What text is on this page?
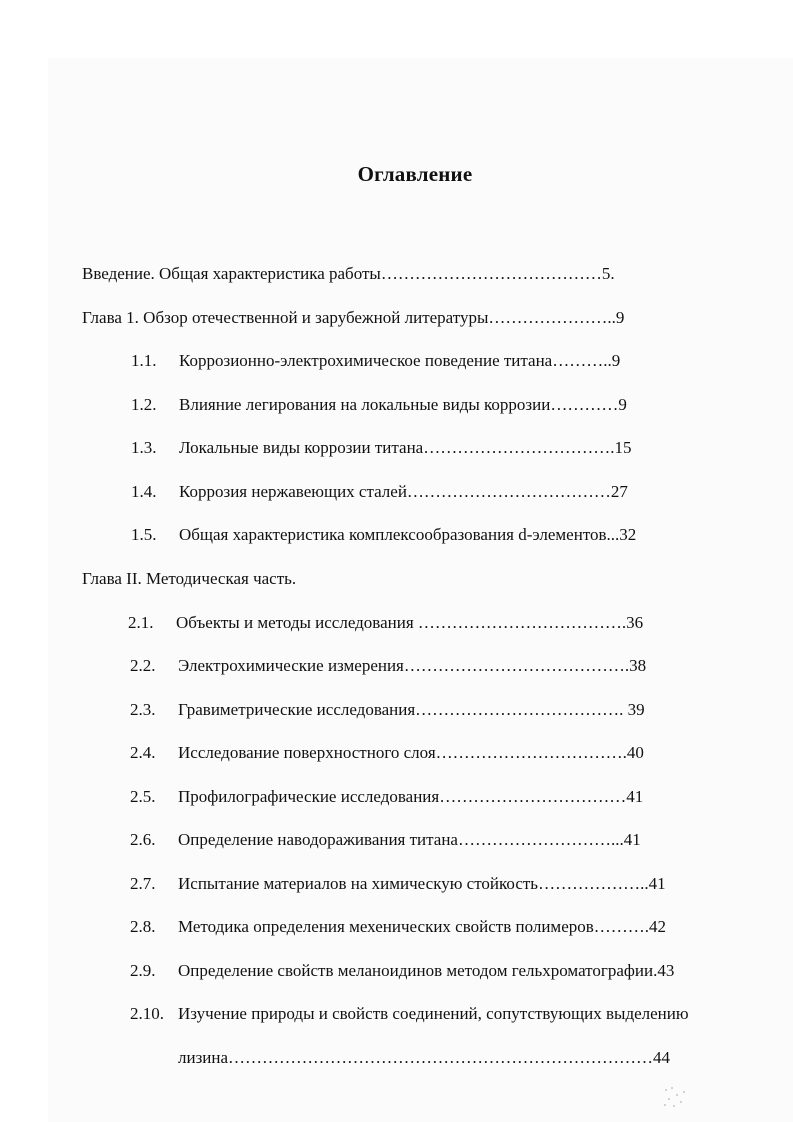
Оглавление
Введение. Общая характеристика работы…………………………………5.
Глава 1. Обзор отечественной и зарубежной литературы…………………..9
1.1. Коррозионно-электрохимическое поведение титана………..9
1.2. Влияние легирования на локальные виды коррозии…………9
1.3. Локальные виды коррозии титана…………………………….15
1.4. Коррозия нержавеющих сталей………………………………27
1.5. Общая характеристика комплексообразования d-элементов...32
Глава II. Методическая часть.
2.1. Объекты и методы исследования ……………………………….36
2.2. Электрохимические измерения………………………………….38
2.3. Гравиметрические исследования………………………………. 39
2.4. Исследование поверхностного слоя…………………………….40
2.5. Профилографические исследования……………………………41
2.6. Определение наводораживания титана………………………...41
2.7. Испытание материалов на химическую стойкость………………..41
2.8. Методика определения мехенических свойств полимеров……….42
2.9. Определение свойств меланоидинов методом гельхроматографии.43
2.10. Изучение природы и свойств соединений, сопутствующих выделению
лизина…………………………………………………………………44
